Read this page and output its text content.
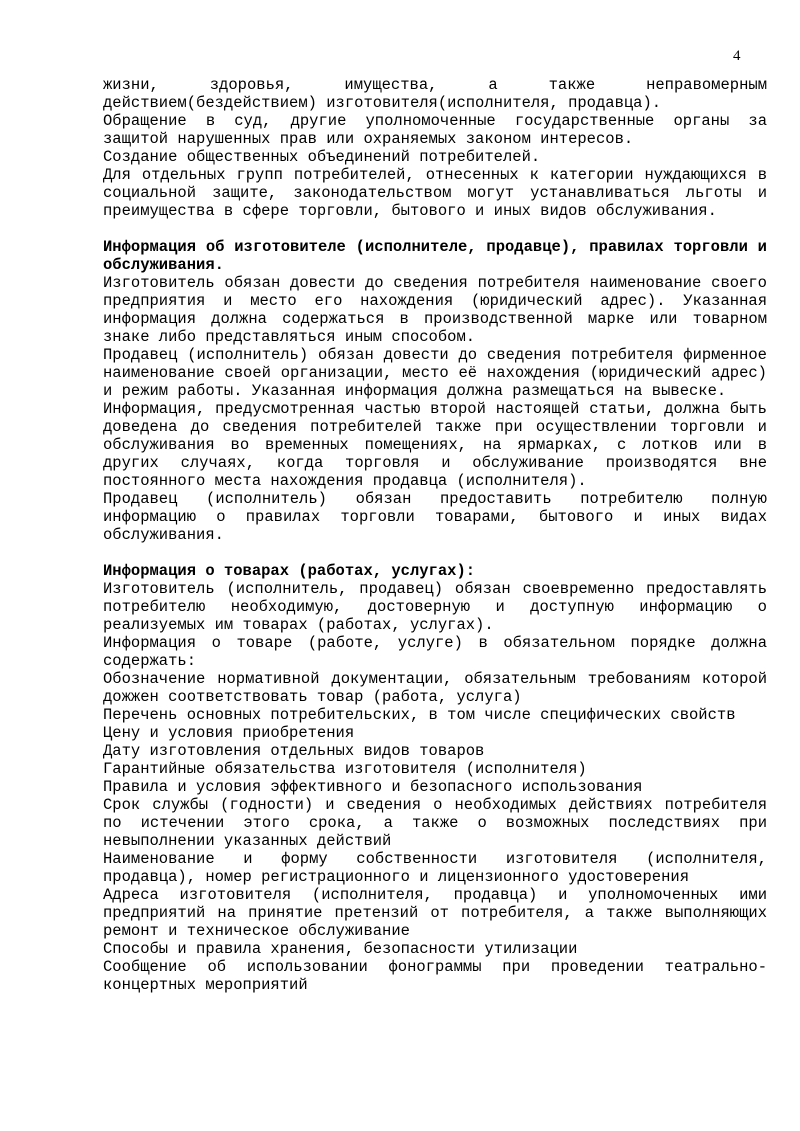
4

жизни, здоровья, имущества, а также неправомерным

действием(бездействием) изготовителя(исполнителя, продавца).

Обращение в суд, другие уполномоченные государственные органы за защитой нарушенных прав или охраняемых законом интересов.

Создание общественных объединений потребителей.

Для отдельных групп потребителей, отнесенных к категории нуждающихся в социальной защите, законодательством могут устанавливаться льготы и преимущества в сфере торговли, бытового и иных видов обслуживания.

Информация об изготовителе (исполнителе, продавце), правилах торговли и обслуживания.

Изготовитель обязан довести до сведения потребителя наименование своего предприятия и место его нахождения (юридический адрес). Указанная информация должна содержаться в производственной марке или товарном знаке либо представляться иным способом.

Продавец (исполнитель) обязан довести до сведения потребителя фирменное наименование своей организации, место её нахождения (юридический адрес) и режим работы. Указанная информация должна размещаться на вывеске.

Информация, предусмотренная частью второй настоящей статьи, должна быть доведена до сведения потребителей также при осуществлении торговли и обслуживания во временных помещениях, на ярмарках, с лотков или в других случаях, когда торговля и обслуживание производятся вне постоянного места нахождения продавца (исполнителя).

Продавец (исполнитель) обязан предоставить потребителю полную информацию о правилах торговли товарами, бытового и иных видах обслуживания.

Информация о товарах (работах, услугах):

Изготовитель (исполнитель, продавец) обязан своевременно предоставлять потребителю необходимую, достоверную и доступную информацию о реализуемых им товарах (работах, услугах).

Информация о товаре (работе, услуге) в обязательном порядке должна содержать:

Обозначение нормативной документации, обязательным требованиям которой дожжен соответствовать товар (работа, услуга)

Перечень основных потребительских, в том числе специфических свойств

Цену и условия приобретения

Дату изготовления отдельных видов товаров

Гарантийные обязательства изготовителя (исполнителя)

Правила и условия эффективного и безопасного использования

Срок службы (годности) и сведения о необходимых действиях потребителя по истечении этого срока, а также о возможных последствиях при невыполнении указанных действий

Наименование и форму собственности изготовителя (исполнителя, продавца), номер регистрационного и лицензионного удостоверения

Адреса изготовителя (исполнителя, продавца) и уполномоченных ими предприятий на принятие претензий от потребителя, а также выполняющих ремонт и техническое обслуживание

Способы и правила хранения, безопасности утилизации

Сообщение об использовании фонограммы при проведении театрально-концертных мероприятий
